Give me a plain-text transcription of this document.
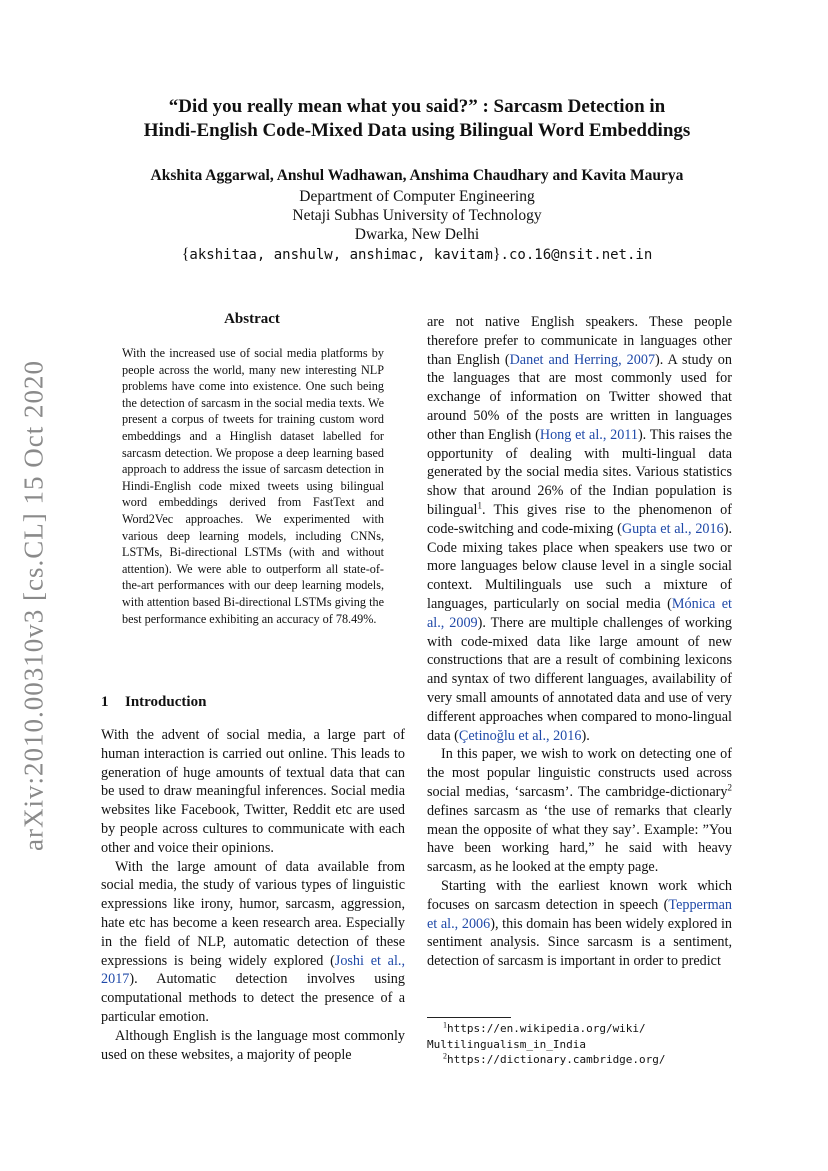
arXiv:2010.00310v3 [cs.CL] 15 Oct 2020
“Did you really mean what you said?” : Sarcasm Detection in
Hindi-English Code-Mixed Data using Bilingual Word Embeddings
Akshita Aggarwal, Anshul Wadhawan, Anshima Chaudhary and Kavita Maurya
Department of Computer Engineering
Netaji Subhas University of Technology
Dwarka, New Delhi
{akshitaa, anshulw, anshimac, kavitam}.co.16@nsit.net.in
Abstract
With the increased use of social media platforms by people across the world, many new interesting NLP problems have come into existence. One such being the detection of sarcasm in the social media texts. We present a corpus of tweets for training custom word embeddings and a Hinglish dataset labelled for sarcasm detection. We propose a deep learning based approach to address the issue of sarcasm detection in Hindi-English code mixed tweets using bilingual word embeddings derived from FastText and Word2Vec approaches. We experimented with various deep learning models, including CNNs, LSTMs, Bi-directional LSTMs (with and without attention). We were able to outperform all state-of-the-art performances with our deep learning models, with attention based Bi-directional LSTMs giving the best performance exhibiting an accuracy of 78.49%.
1 Introduction

With the advent of social media, a large part of human interaction is carried out online. This leads to generation of huge amounts of textual data that can be used to draw meaningful inferences. Social media websites like Facebook, Twitter, Reddit etc are used by people across cultures to communicate with each other and voice their opinions.

With the large amount of data available from social media, the study of various types of linguistic expressions like irony, humor, sarcasm, aggression, hate etc has become a keen research area. Especially in the field of NLP, automatic detection of these expressions is being widely explored (Joshi et al., 2017). Automatic detection involves using computational methods to detect the presence of a particular emotion.

Although English is the language most commonly used on these websites, a majority of people

are not native English speakers. These people therefore prefer to communicate in languages other than English (Danet and Herring, 2007). A study on the languages that are most commonly used for exchange of information on Twitter showed that around 50% of the posts are written in languages other than English (Hong et al., 2011). This raises the opportunity of dealing with multi-lingual data generated by the social media sites. Various statistics show that around 26% of the Indian population is bilingual$^1$. This gives rise to the phenomenon of code-switching and code-mixing (Gupta et al., 2016). Code mixing takes place when speakers use two or more languages below clause level in a single social context. Multilinguals use such a mixture of languages, particularly on social media (Mónica et al., 2009). There are multiple challenges of working with code-mixed data like large amount of new constructions that are a result of combining lexicons and syntax of two different languages, availability of very small amounts of annotated data and use of very different approaches when compared to mono-lingual data (Çetinoğlu et al., 2016).

In this paper, we wish to work on detecting one of the most popular linguistic constructs used across social medias, ‘sarcasm’. The cambridge-dictionary$^2$ defines sarcasm as ‘the use of remarks that clearly mean the opposite of what they say’. Example: ”You have been working hard,” he said with heavy sarcasm, as he looked at the empty page.

Starting with the earliest known work which focuses on sarcasm detection in speech (Tepperman et al., 2006), this domain has been widely explored in sentiment analysis. Since sarcasm is a sentiment, detection of sarcasm is important in order to predict

$^1$https://en.wikipedia.org/wiki/
Multilingualism_in_India
$^2$https://dictionary.cambridge.org/
